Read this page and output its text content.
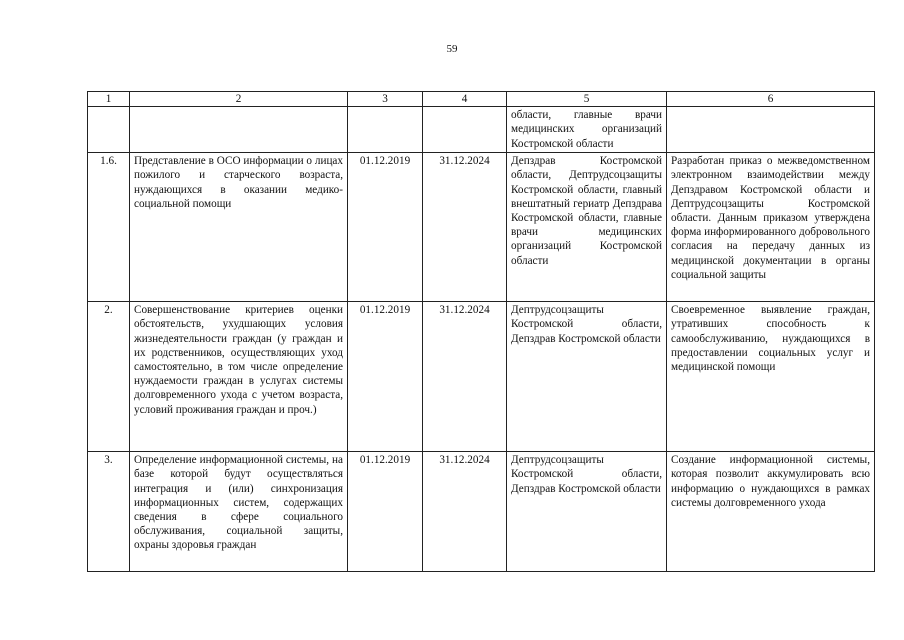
59
1	2	3	4	5	6
				области, главные врачи медицинских организаций Костромской области	
1.6.	Представление в ОСО информации о лицах пожилого и старческого возраста, нуждающихся в оказании медико-социальной помощи	01.12.2019	31.12.2024	Депздрав Костромской области, Дептрудсоцзащиты Костромской области, главный внештатный гериатр Депздрава Костромской области, главные врачи медицинских организаций Костромской области	Разработан приказ о межведомственном электронном взаимодействии между Депздравом Костромской области и Дептрудсоцзащиты Костромской области. Данным приказом утверждена форма информированного добровольного согласия на передачу данных из медицинской документации в органы социальной защиты
2.	Совершенствование критериев оценки обстоятельств, ухудшающих условия жизнедеятельности граждан (у граждан и их родственников, осуществляющих уход самостоятельно, в том числе определение нуждаемости граждан в услугах системы долговременного ухода с учетом возраста, условий проживания граждан и проч.)	01.12.2019	31.12.2024	Дептрудсоцзащиты Костромской области, Депздрав Костромской области	Своевременное выявление граждан, утративших способность к самообслуживанию, нуждающихся в предоставлении социальных услуг и медицинской помощи
3.	Определение информационной системы, на базе которой будут осуществляться интеграция и (или) синхронизация информационных систем, содержащих сведения в сфере социального обслуживания, социальной защиты, охраны здоровья граждан	01.12.2019	31.12.2024	Дептрудсоцзащиты Костромской области, Депздрав Костромской области	Создание информационной системы, которая позволит аккумулировать всю информацию о нуждающихся в рамках системы долговременного ухода
